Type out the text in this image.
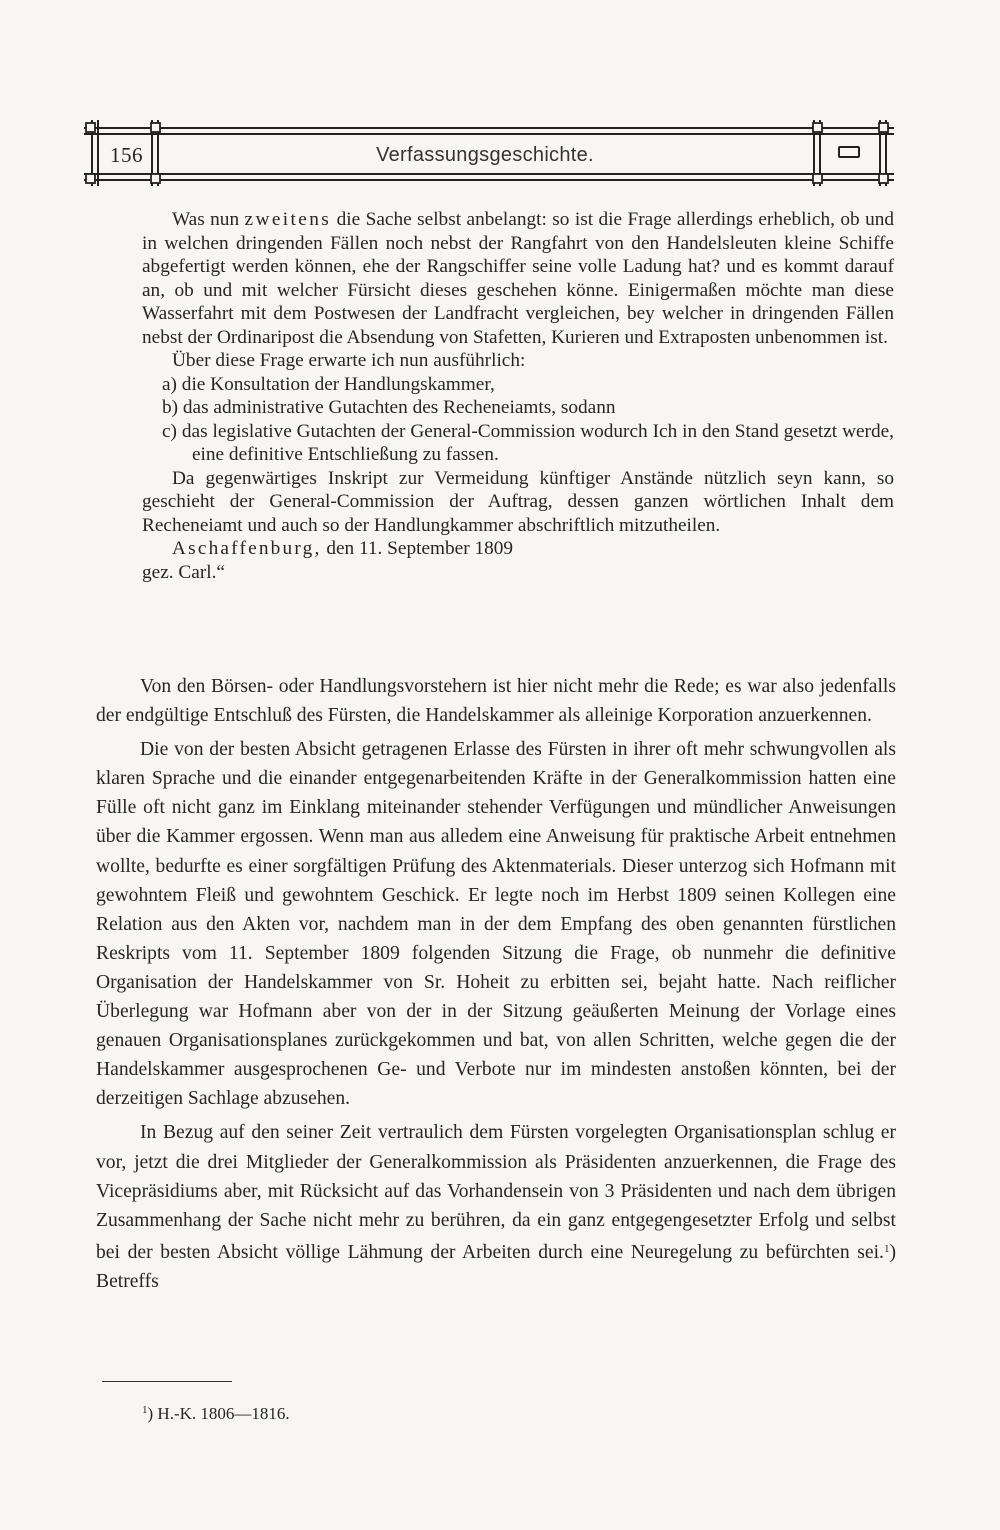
156	Verfassungsgeschichte.

Was nun zweitens die Sache selbst anbelangt: so ist die Frage allerdings erheblich, ob und in welchen dringenden Fällen noch nebst der Rangfahrt von den Handelsleuten kleine Schiffe abgefertigt werden können, ehe der Rangschiffer seine volle Ladung hat? und es kommt darauf an, ob und mit welcher Fürsicht dieses geschehen könne. Einigermaßen möchte man diese Wasserfahrt mit dem Postwesen der Landfracht vergleichen, bey welcher in dringenden Fällen nebst der Ordinaripost die Absendung von Stafetten, Kurieren und Extraposten unbenommen ist.

Über diese Frage erwarte ich nun ausführlich:

a) die Konsultation der Handlungskammer,

b) das administrative Gutachten des Recheneiamts, sodann

c) das legislative Gutachten der General-Commission wodurch Ich in den Stand gesetzt werde, eine definitive Entschließung zu fassen.

Da gegenwärtiges Inskript zur Vermeidung künftiger Anstände nützlich seyn kann, so geschieht der General-Commission der Auftrag, dessen ganzen wörtlichen Inhalt dem Recheneiamt und auch so der Handlungkammer abschriftlich mitzutheilen.

Aschaffenburg, den 11. September 1809

gez. Carl.“

Von den Börsen- oder Handlungsvorstehern ist hier nicht mehr die Rede; es war also jedenfalls der endgültige Entschluß des Fürsten, die Handelskammer als alleinige Korporation anzuerkennen.

Die von der besten Absicht getragenen Erlasse des Fürsten in ihrer oft mehr schwungvollen als klaren Sprache und die einander entgegenarbeitenden Kräfte in der Generalkommission hatten eine Fülle oft nicht ganz im Einklang miteinander stehender Verfügungen und mündlicher Anweisungen über die Kammer ergossen. Wenn man aus alledem eine Anweisung für praktische Arbeit entnehmen wollte, bedurfte es einer sorgfältigen Prüfung des Aktenmaterials. Dieser unterzog sich Hofmann mit gewohntem Fleiß und gewohntem Geschick. Er legte noch im Herbst 1809 seinen Kollegen eine Relation aus den Akten vor, nachdem man in der dem Empfang des oben genannten fürstlichen Reskripts vom 11. September 1809 folgenden Sitzung die Frage, ob nunmehr die definitive Organisation der Handelskammer von Sr. Hoheit zu erbitten sei, bejaht hatte. Nach reiflicher Überlegung war Hofmann aber von der in der Sitzung geäußerten Meinung der Vorlage eines genauen Organisationsplanes zurückgekommen und bat, von allen Schritten, welche gegen die der Handelskammer ausgesprochenen Ge- und Verbote nur im mindesten anstoßen könnten, bei der derzeitigen Sachlage abzusehen.

In Bezug auf den seiner Zeit vertraulich dem Fürsten vorgelegten Organisationsplan schlug er vor, jetzt die drei Mitglieder der Generalkommission als Präsidenten anzuerkennen, die Frage des Vicepräsidiums aber, mit Rücksicht auf das Vorhandensein von 3 Präsidenten und nach dem übrigen Zusammenhang der Sache nicht mehr zu berühren, da ein ganz entgegengesetzter Erfolg und selbst bei der besten Absicht völlige Lähmung der Arbeiten durch eine Neuregelung zu befürchten sei.$^1$) Betreffs

$^1$) H.-K. 1806—1816.
